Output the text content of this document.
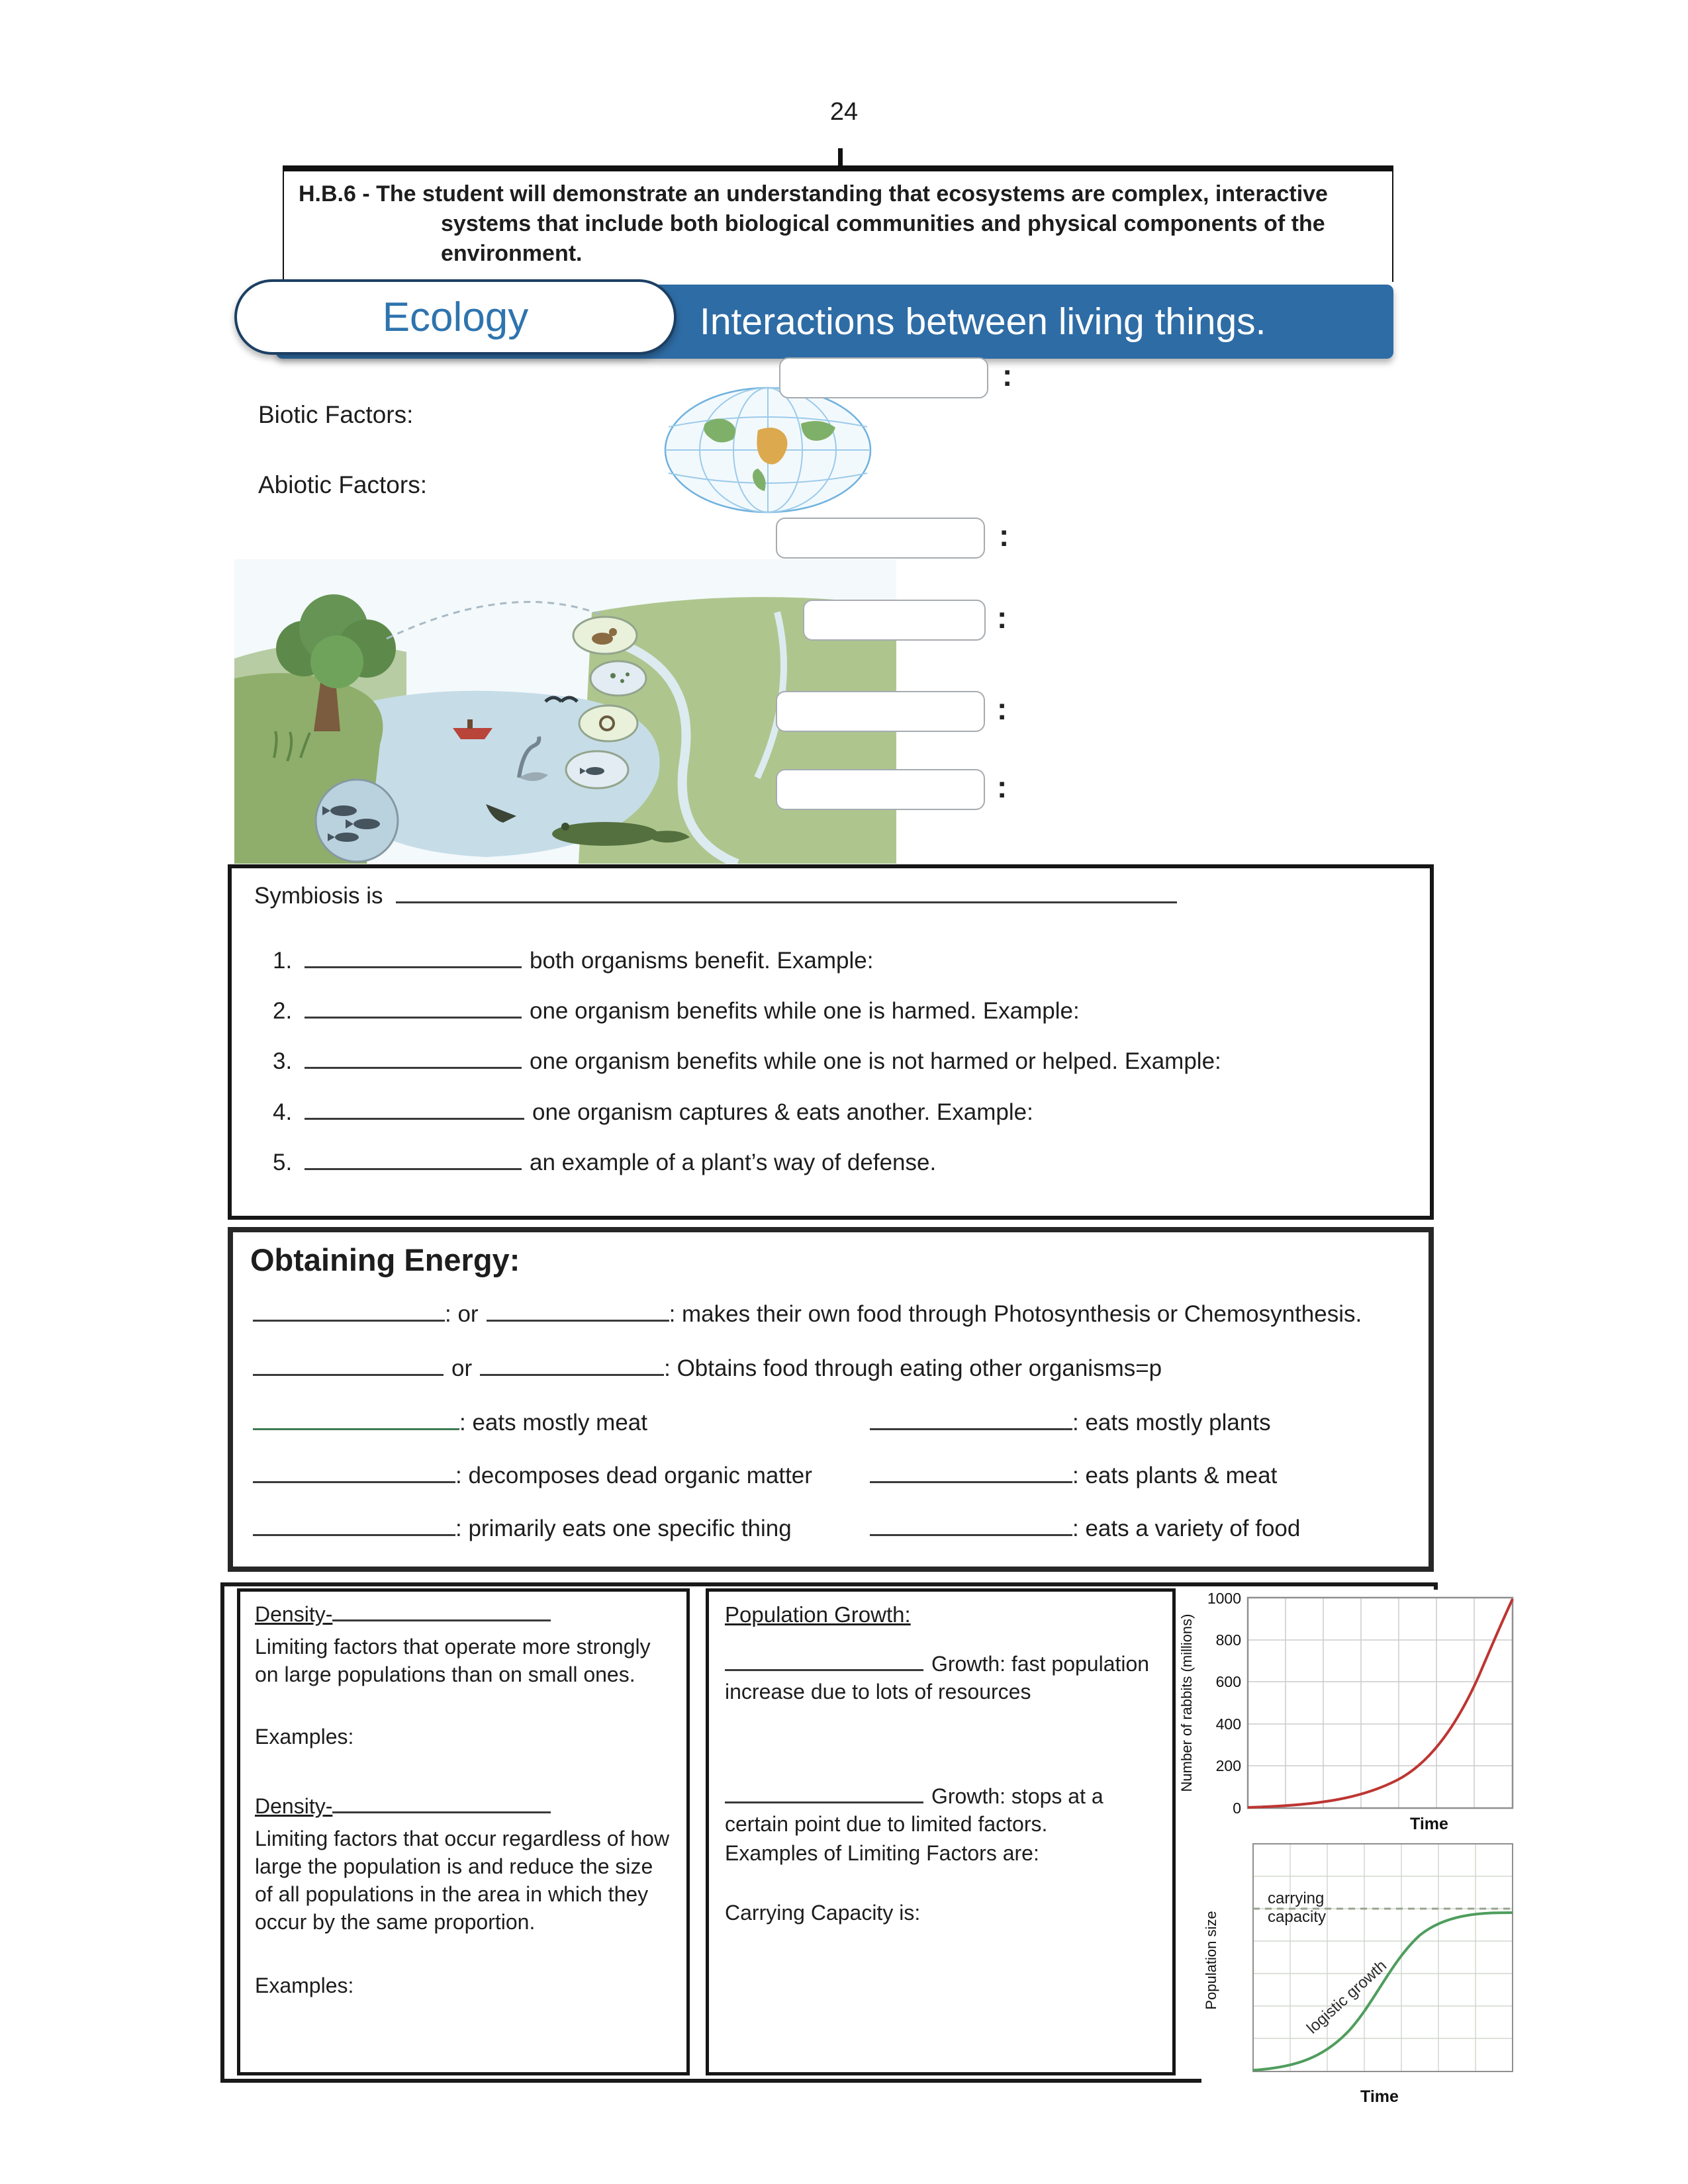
24

H.B.6 - The student will demonstrate an understanding that ecosystems are complex, interactive systems that include both biological communities and physical components of the environment.

Interactions between living things.
Ecology
:
:
:
:
:
Biotic Factors:
Abiotic Factors:
Symbiosis is
1.	both organisms benefit. Example:
2.	one organism benefits while one is harmed. Example:
3.	one organism benefits while one is not harmed or helped. Example:
4.	one organism captures & eats another. Example:
5.	an example of a plant’s way of defense.
Obtaining Energy:
: or	: makes their own food through Photosynthesis or Chemosynthesis.
or	: Obtains food through eating other organisms=p
: eats mostly meat	: eats mostly plants
: decomposes dead organic matter	: eats plants & meat
: primarily eats one specific thing	: eats a variety of food
Density-
Limiting factors that operate more strongly on large populations than on small ones.
Examples:
Density-
Limiting factors that occur regardless of how large the population is and reduce the size of all populations in the area in which they occur by the same proportion.
Examples:
Population Growth:
Growth: fast population increase due to lots of resources
Growth: stops at a certain point due to limited factors.
Examples of Limiting Factors are:
Carrying Capacity is:
1000
800
600
400
200
0
Number of rabbits (millions)
Time
carrying capacity
logistic growth
Population size
Time
